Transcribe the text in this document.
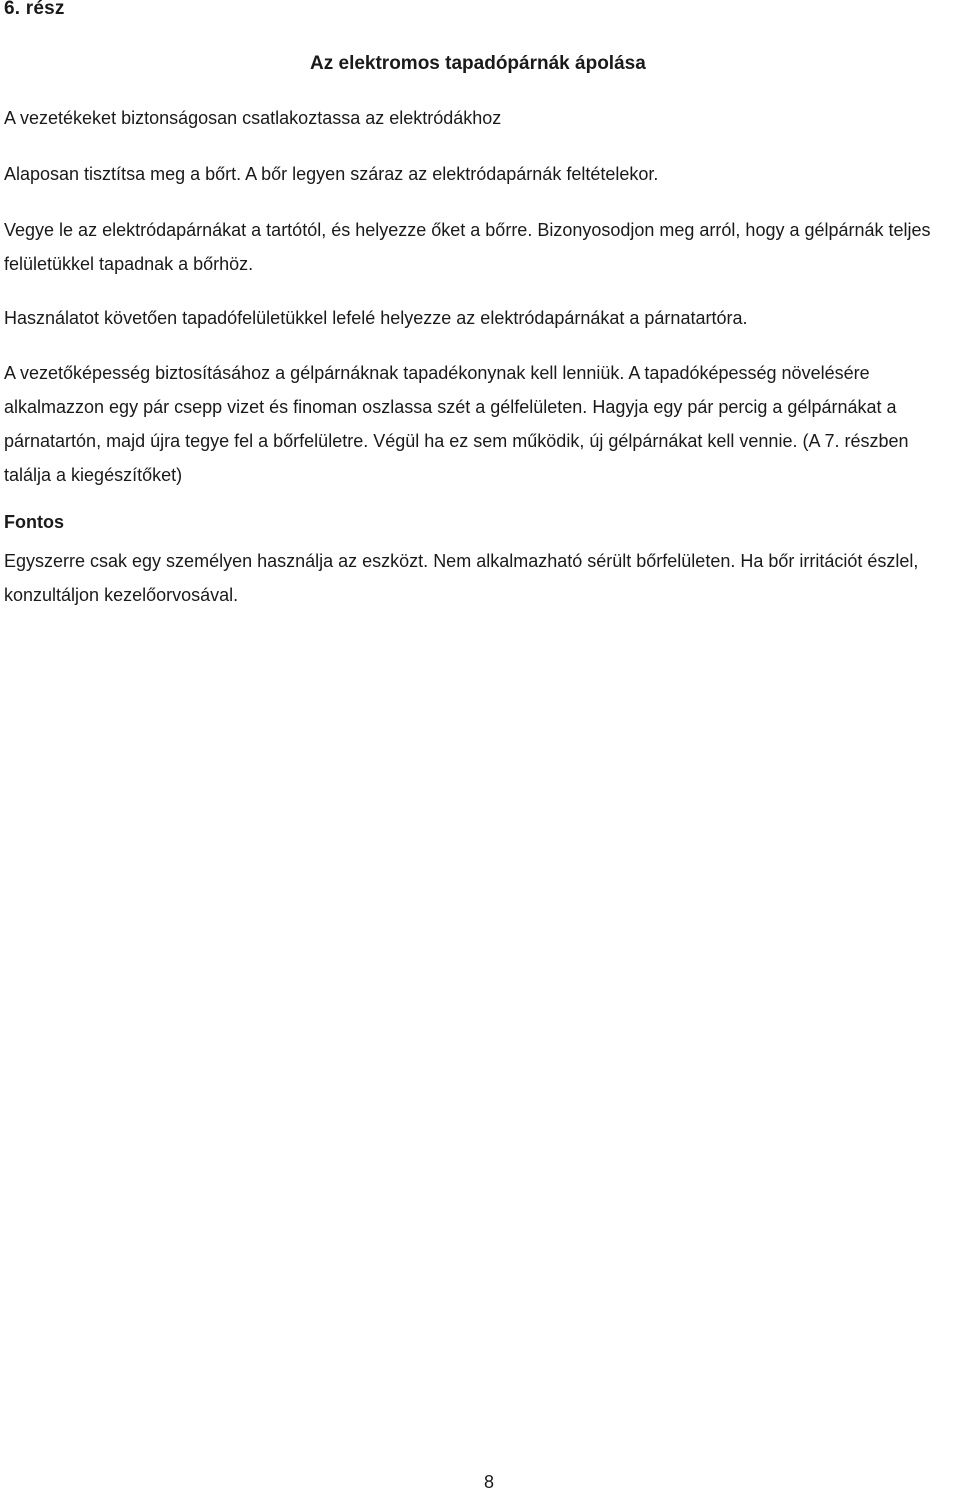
6. rész
Az elektromos tapadópárnák ápolása

A vezetékeket biztonságosan csatlakoztassa az elektródákhoz

Alaposan tisztítsa meg a bőrt. A bőr legyen száraz az elektródapárnák feltételekor.

Vegye le az elektródapárnákat a tartótól, és helyezze őket a bőrre. Bizonyosodjon meg arról, hogy a gélpárnák teljes felületükkel tapadnak a bőrhöz.

Használatot követően tapadófelületükkel lefelé helyezze az elektródapárnákat a párnatartóra.

A vezetőképesség biztosításához a gélpárnáknak tapadékonynak kell lenniük. A tapadóképesség növelésére alkalmazzon egy pár csepp vizet és finoman oszlassa szét a gélfelületen. Hagyja egy pár percig a gélpárnákat a párnatartón, majd újra tegye fel a bőrfelületre. Végül ha ez sem működik, új gélpárnákat kell vennie. (A 7. részben találja a kiegészítőket)

Fontos

Egyszerre csak egy személyen használja az eszközt. Nem alkalmazható sérült bőrfelületen. Ha bőr irritációt észlel, konzultáljon kezelőorvosával.

8
